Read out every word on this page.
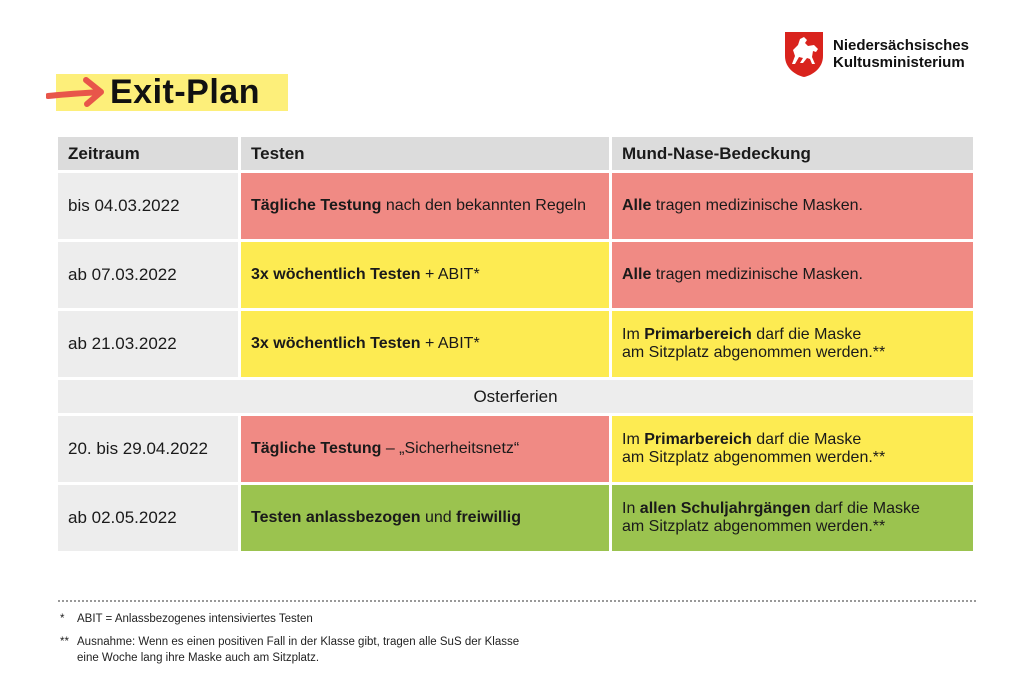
Niedersächsisches
Kultusministerium
Exit-Plan
Zeitraum	Testen	Mund-Nase-Bedeckung
bis 04.03.2022	Tägliche Testung nach den bekannten Regeln	Alle tragen medizinische Masken.
ab 07.03.2022	3x wöchentlich Testen + ABIT*	Alle tragen medizinische Masken.
ab 21.03.2022	3x wöchentlich Testen + ABIT*	Im Primarbereich darf die Maske
am Sitzplatz abgenommen werden.**
Osterferien		
20. bis 29.04.2022	Tägliche Testung – „Sicherheitsnetz“	Im Primarbereich darf die Maske
am Sitzplatz abgenommen werden.**
ab 02.05.2022	Testen anlassbezogen und freiwillig	In allen Schuljahrgängen darf die Maske
am Sitzplatz abgenommen werden.**
* ABIT = Anlassbezogenes intensiviertes Testen
** Ausnahme: Wenn es einen positiven Fall in der Klasse gibt, tragen alle SuS der Klasse
eine Woche lang ihre Maske auch am Sitzplatz.
